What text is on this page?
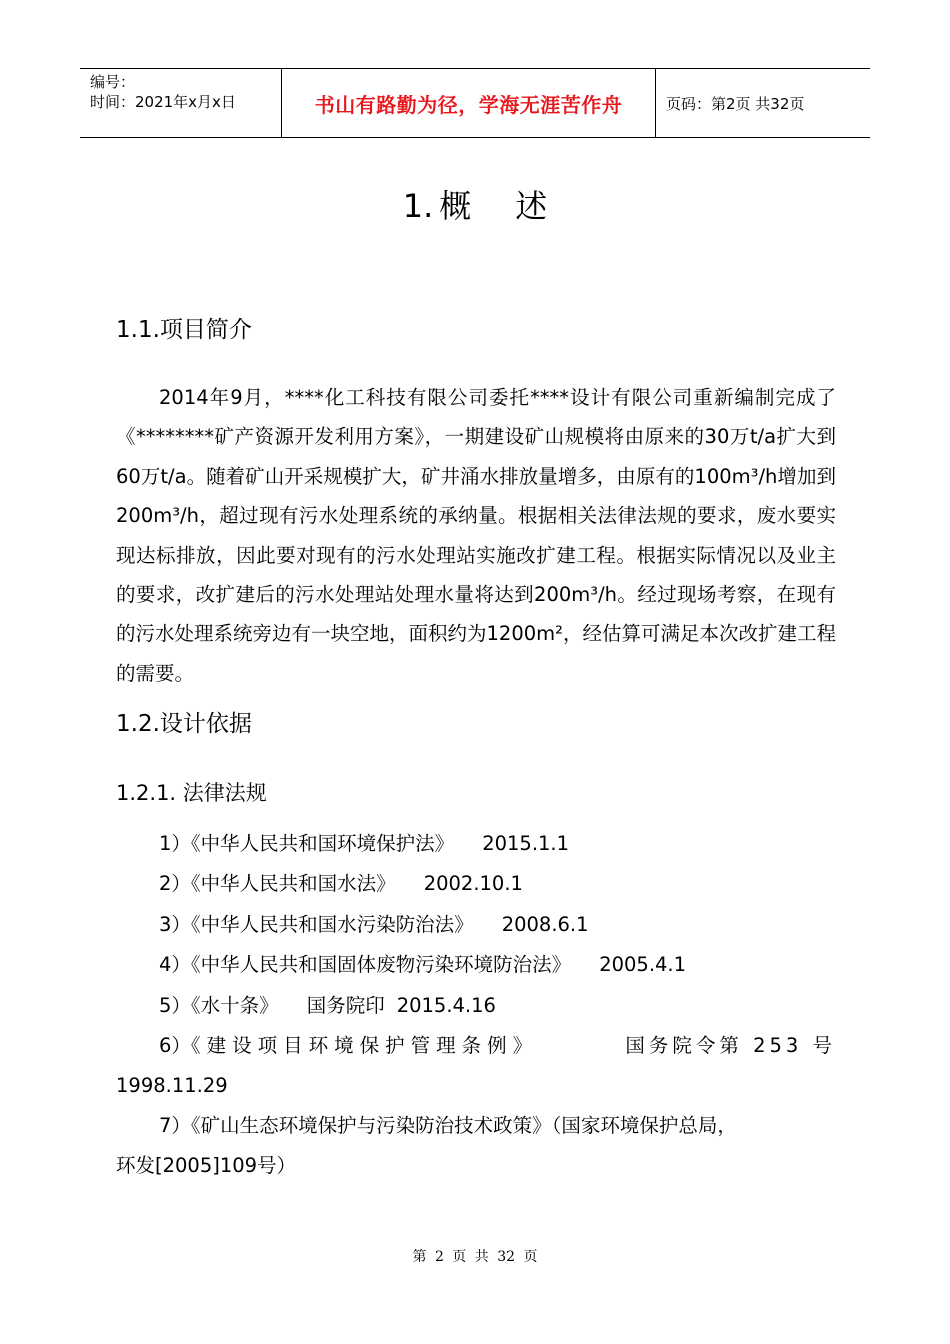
编号：
时间：2021年x月x日	书山有路勤为径，学海无涯苦作舟	页码：第2页 共32页
1. 概 述
1.1.项目简介

2014年9月，****化工科技有限公司委托****设计有限公司重新编制完成了《********矿产资源开发利用方案》，一期建设矿山规模将由原来的30万t/a扩大到60万t/a。随着矿山开采规模扩大，矿井涌水排放量增多，由原有的100m³/h增加到200m³/h，超过现有污水处理系统的承纳量。根据相关法律法规的要求，废水要实现达标排放，因此要对现有的污水处理站实施改扩建工程。根据实际情况以及业主的要求，改扩建后的污水处理站处理水量将达到200m³/h。经过现场考察，在现有的污水处理系统旁边有一块空地，面积约为1200m²，经估算可满足本次改扩建工程的需要。

1.2.设计依据
1.2.1. 法律法规
1）《中华人民共和国环境保护法》 2015.1.1
2）《中华人民共和国水法》 2002.10.1
3）《中华人民共和国水污染防治法》 2008.6.1
4）《中华人民共和国固体废物污染环境防治法》 2005.4.1
5）《水十条》 国务院印 2015.4.16
6）《建设项目环境保护管理条例》	国务院令第 253 号
1998.11.29
7）《矿山生态环境保护与污染防治技术政策》（国家环境保护总局，
环发[2005]109号）
第 2 页 共 32 页
